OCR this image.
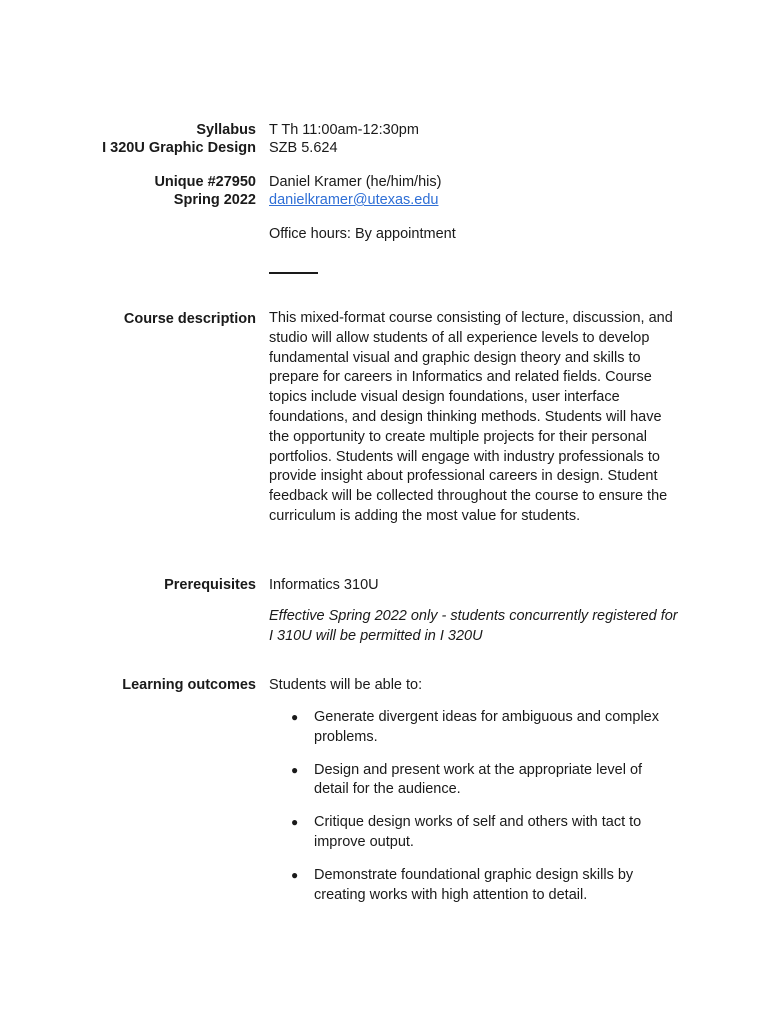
Syllabus
I 320U Graphic Design
T Th 11:00am-12:30pm
SZB 5.624
Unique #27950
Spring 2022
Daniel Kramer (he/him/his)
danielkramer@utexas.edu
Office hours: By appointment
Course description This mixed-format course consisting of lecture, discussion, and studio will allow students of all experience levels to develop fundamental visual and graphic design theory and skills to prepare for careers in Informatics and related fields. Course topics include visual design foundations, user interface foundations, and design thinking methods. Students will have the opportunity to create multiple projects for their personal portfolios. Students will engage with industry professionals to provide insight about professional careers in design. Student feedback will be collected throughout the course to ensure the curriculum is adding the most value for students.
Prerequisites Informatics 310U
Effective Spring 2022 only - students concurrently registered for I 310U will be permitted in I 320U
Learning outcomes Students will be able to:
● Generate divergent ideas for ambiguous and complex problems.
● Design and present work at the appropriate level of detail for the audience.
● Critique design works of self and others with tact to improve output.
● Demonstrate foundational graphic design skills by creating works with high attention to detail.
